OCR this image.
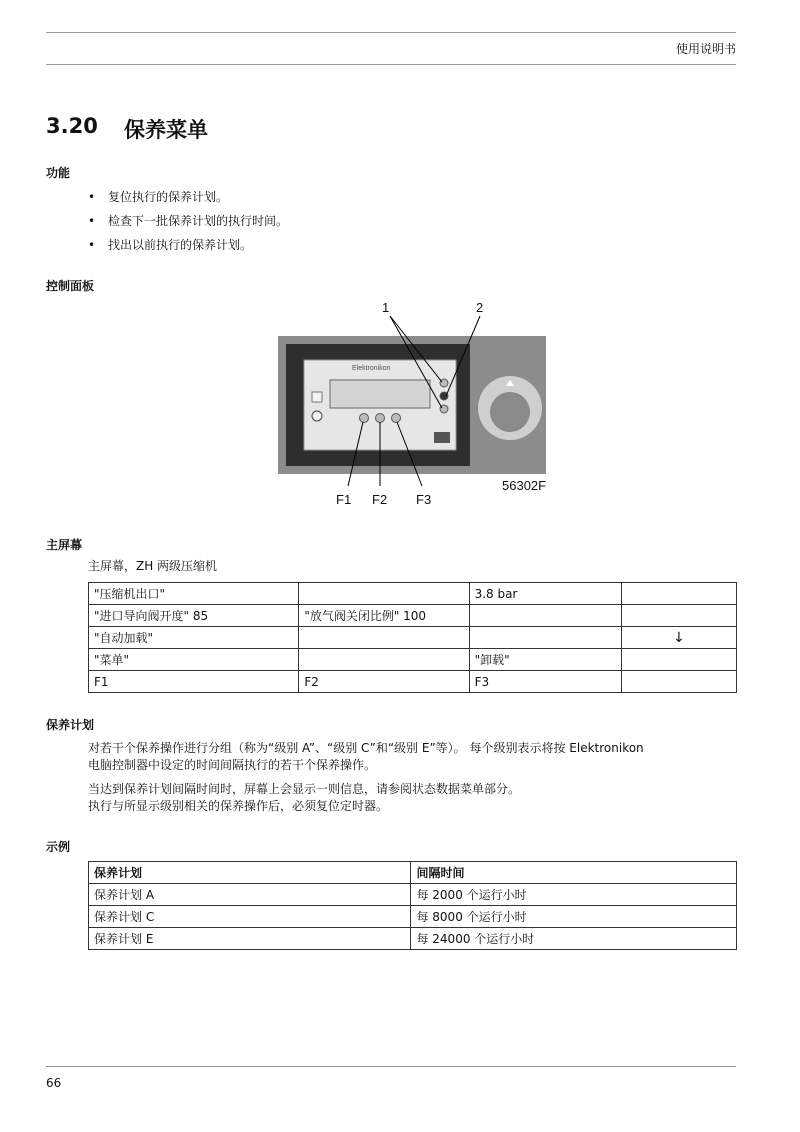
使用说明书
3.20 保养菜单
功能
• 复位执行的保养计划。
• 检查下一批保养计划的执行时间。
• 找出以前执行的保养计划。
控制面板
1	2
Elektronikon
F1 F2 F3
56302F
主屏幕
主屏幕，ZH 两级压缩机
"压缩机出口"		3.8 bar	
"进口导向阀开度" 85	"放气阀关闭比例" 100		
"自动加载"			↓
"菜单"		"卸载"	
F1	F2	F3	
保养计划
对若干个保养操作进行分组（称为“级别 A”、“级别 C”和“级别 E”等）。 每个级别表示将按 Elektronikon
电脑控制器中设定的时间间隔执行的若干个保养操作。
当达到保养计划间隔时间时，屏幕上会显示一则信息，请参阅状态数据菜单部分。
执行与所显示级别相关的保养操作后，必须复位定时器。
示例
保养计划	间隔时间
保养计划 A	每 2000 个运行小时
保养计划 C	每 8000 个运行小时
保养计划 E	每 24000 个运行小时
66
